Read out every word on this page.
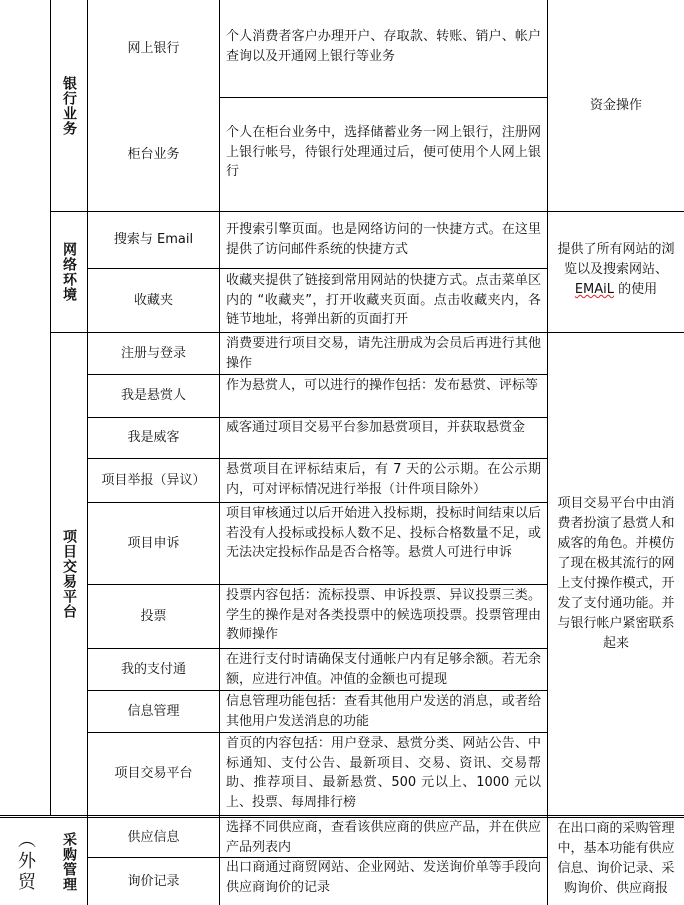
银行业务
网络环境
项目交易平台
采购管理
（外贸
网上银行
个人消费者客户办理开户、存取款、转账、销户、帐户查询以及开通网上银行等业务
柜台业务
个人在柜台业务中，选择储蓄业务一网上银行，注册网上银行帐号，待银行处理通过后，便可使用个人网上银行
搜索与 Email
开搜索引擎页面。也是网络访问的一快捷方式。在这里提供了访问邮件系统的快捷方式
收藏夹
收藏夹提供了链接到常用网站的快捷方式。点击菜单区内的 “收藏夹”，打开收藏夹页面。点击收藏夹内，各链节地址，将弹出新的页面打开
注册与登录
消费要进行项目交易，请先注册成为会员后再进行其他操作
我是悬赏人
作为悬赏人，可以进行的操作包括：发布悬赏、评标等
我是威客
威客通过项目交易平台参加悬赏项目，并获取悬赏金
项目举报（异议）
悬赏项目在评标结束后，有 7 天的公示期。在公示期内，可对评标情况进行举报（计件项目除外）
项目申诉
项目审核通过以后开始进入投标期，投标时间结束以后若没有人投标或投标人数不足、投标合格数量不足，或无法决定投标作品是否合格等。悬赏人可进行申诉
投票
投票内容包括：流标投票、申诉投票、异议投票三类。学生的操作是对各类投票中的候选项投票。投票管理由教师操作
我的支付通
在进行支付时请确保支付通帐户内有足够余额。若无余额，应进行冲值。冲值的金额也可提现
信息管理
信息管理功能包括：查看其他用户发送的消息，或者给其他用户发送消息的功能
项目交易平台
首页的内容包括：用户登录、悬赏分类、网站公告、中标通知、支付公告、最新项目、交易、资讯、交易帮助、推荐项目、最新悬赏、500 元以上、1000 元以上、投票、每周排行榜
供应信息
选择不同供应商，查看该供应商的供应产品，并在供应产品列表内
询价记录
出口商通过商贸网站、企业网站、发送询价单等手段向供应商询价的记录
资金操作
提供了所有网站的浏览以及搜索网站、EMAiL 的使用
项目交易平台中由消费者扮演了悬赏人和威客的角色。并模仿了现在极其流行的网上支付操作模式，开发了支付通功能。并与银行帐户紧密联系起来
在出口商的采购管理中，基本功能有供应信息、询价记录、采购询价、供应商报
